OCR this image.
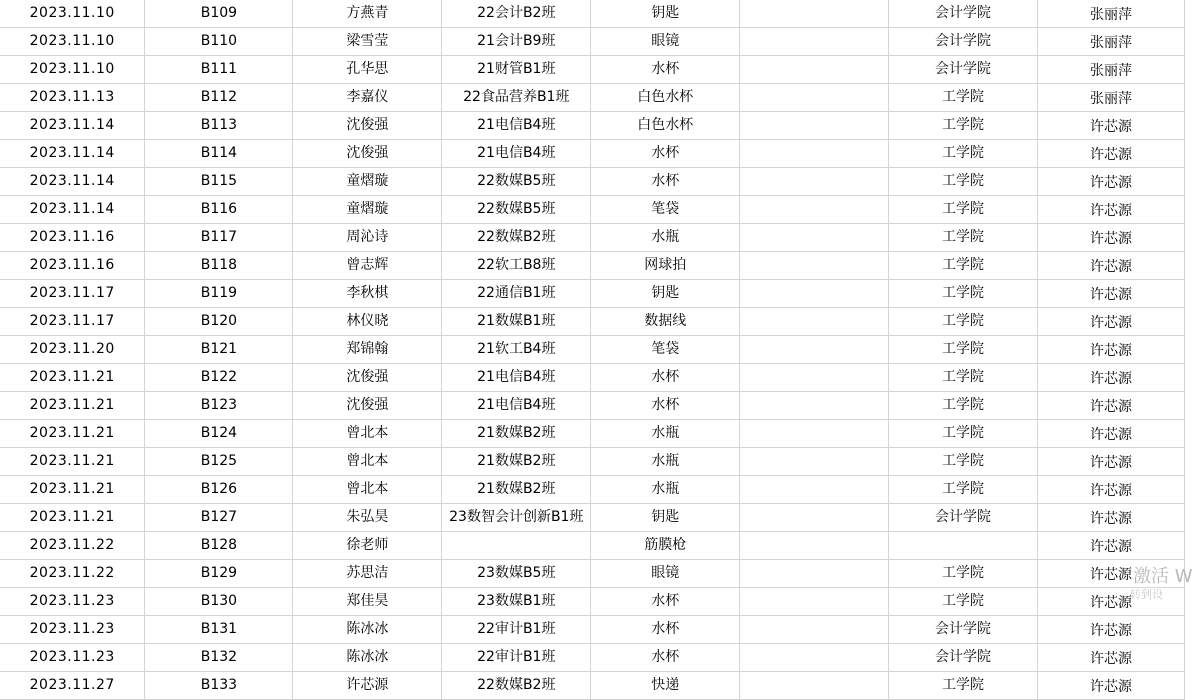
2023.11.10	B109	方燕青	22会计B2班	钥匙		会计学院	张丽萍
2023.11.10	B110	梁雪莹	21会计B9班	眼镜		会计学院	张丽萍
2023.11.10	B111	孔华思	21财管B1班	水杯		会计学院	张丽萍
2023.11.13	B112	李嘉仪	22食品营养B1班	白色水杯		工学院	张丽萍
2023.11.14	B113	沈俊强	21电信B4班	白色水杯		工学院	许芯源
2023.11.14	B114	沈俊强	21电信B4班	水杯		工学院	许芯源
2023.11.14	B115	童熠璇	22数媒B5班	水杯		工学院	许芯源
2023.11.14	B116	童熠璇	22数媒B5班	笔袋		工学院	许芯源
2023.11.16	B117	周沁诗	22数媒B2班	水瓶		工学院	许芯源
2023.11.16	B118	曾志辉	22软工B8班	网球拍		工学院	许芯源
2023.11.17	B119	李秋棋	22通信B1班	钥匙		工学院	许芯源
2023.11.17	B120	林仪晓	21数媒B1班	数据线		工学院	许芯源
2023.11.20	B121	郑锦翰	21软工B4班	笔袋		工学院	许芯源
2023.11.21	B122	沈俊强	21电信B4班	水杯		工学院	许芯源
2023.11.21	B123	沈俊强	21电信B4班	水杯		工学院	许芯源
2023.11.21	B124	曾北本	21数媒B2班	水瓶		工学院	许芯源
2023.11.21	B125	曾北本	21数媒B2班	水瓶		工学院	许芯源
2023.11.21	B126	曾北本	21数媒B2班	水瓶		工学院	许芯源
2023.11.21	B127	朱弘昊	23数智会计创新B1班	钥匙		会计学院	许芯源
2023.11.22	B128	徐老师		筋膜枪			许芯源
2023.11.22	B129	苏思洁	23数媒B5班	眼镜		工学院	许芯源
2023.11.23	B130	郑佳昊	23数媒B1班	水杯		工学院	许芯源
2023.11.23	B131	陈冰冰	22审计B1班	水杯		会计学院	许芯源
2023.11.23	B132	陈冰冰	22审计B1班	水杯		会计学院	许芯源
2023.11.27	B133	许芯源	22数媒B2班	快递		工学院	许芯源
激活 W
转到设
